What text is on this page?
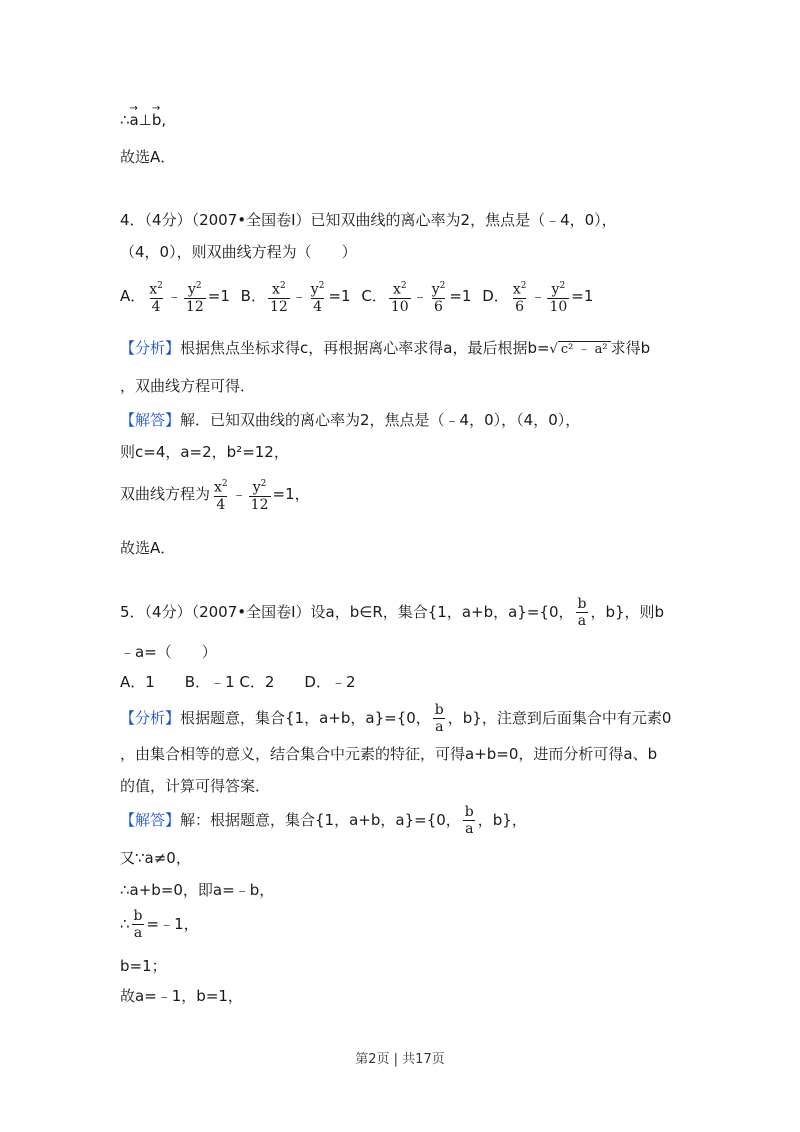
∴→ a⊥→ b,
故选A．
4．（4分）（2007•全国卷Ⅰ）已知双曲线的离心率为2，焦点是（﹣4，0），
（4，0），则双曲线方程为（　　）
A． $\frac{x^2}{4}$ ﹣ $\frac{y^2}{12} =1$ B． $\frac{x^2}{12}$ ﹣ $\frac{y^2}{4} =1$ C． $\frac{x^2}{10}$ ﹣ $\frac{y^2}{6} =1$ D． $\frac{x^2}{6}$ ﹣ $\frac{y^2}{10} =1$
【分析】根据焦点坐标求得c，再根据离心率求得a，最后根据b=√ c² ﹣ a² 求得b
，双曲线方程可得．
【解答】解．已知双曲线的离心率为2，焦点是（﹣4，0），（4，0），
则c=4，a=2，b²=12，
双曲线方程为 $\frac{x^2}{4}$ ﹣ $\frac{y^2}{12} =1$，
故选A．
5．（4分）（2007•全国卷Ⅰ）设a，b∈R，集合{1，a+b，a}={0， $\frac{b}{a}$ ，b}，则b
﹣a=（　　）
A．1　　B．﹣1 C．2　　D．﹣2
【分析】根据题意，集合{1，a+b，a}={0， $\frac{b}{a}$ ，b}，注意到后面集合中有元素0
，由集合相等的意义，结合集合中元素的特征，可得a+b=0，进而分析可得a、b
的值，计算可得答案．
【解答】解：根据题意，集合{1，a+b，a}={0， $\frac{b}{a}$ ，b}，
又∵a≠0，
∴a+b=0，即a=﹣b，
∴ $\frac{b}{a}$ =﹣1，
b=1；
故a=﹣1，b=1，
第2页 | 共17页
